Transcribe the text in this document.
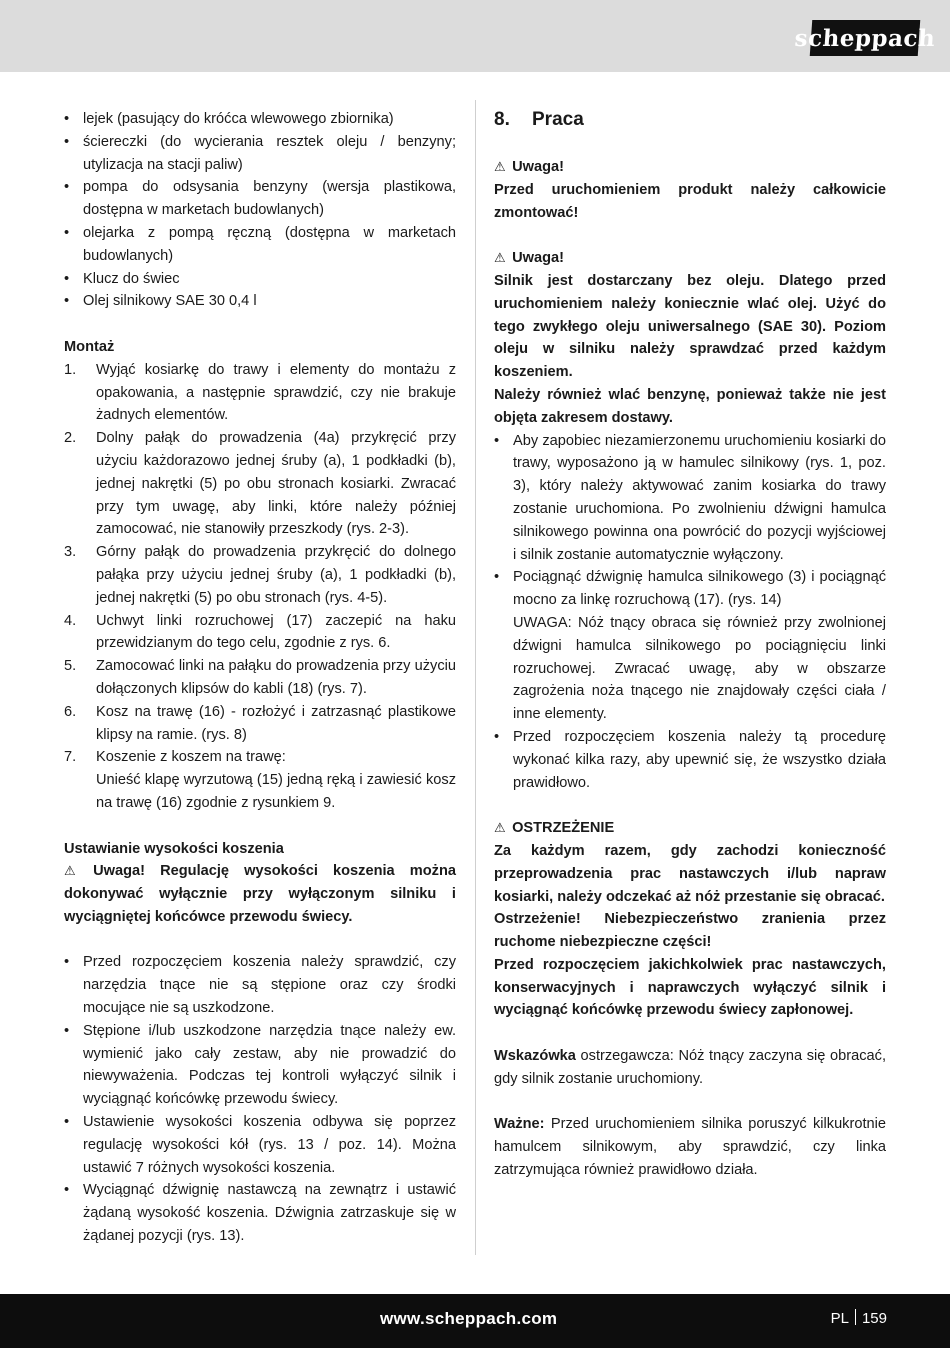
scheppach
• lejek (pasujący do króćca wlewowego zbiornika)
• ściereczki (do wycierania resztek oleju / benzyny; utylizacja na stacji paliw)
• pompa do odsysania benzyny (wersja plastikowa, dostępna w marketach budowlanych)
• olejarka z pompą ręczną (dostępna w marketach budowlanych)
• Klucz do świec
• Olej silnikowy SAE 30 0,4 l

Montaż

1. Wyjąć kosiarkę do trawy i elementy do montażu z opakowania, a następnie sprawdzić, czy nie brakuje żadnych elementów.
2. Dolny pałąk do prowadzenia (4a) przykręcić przy użyciu każdorazowo jednej śruby (a), 1 podkładki (b), jednej nakrętki (5) po obu stronach kosiarki. Zwracać przy tym uwagę, aby linki, które należy później zamocować, nie stanowiły przeszkody (rys. 2-3).
3. Górny pałąk do prowadzenia przykręcić do dolnego pałąka przy użyciu jednej śruby (a), 1 podkładki (b), jednej nakrętki (5) po obu stronach (rys. 4-5).
4. Uchwyt linki rozruchowej (17) zaczepić na haku przewidzianym do tego celu, zgodnie z rys. 6.
5. Zamocować linki na pałąku do prowadzenia przy użyciu dołączonych klipsów do kabli (18) (rys. 7).
6. Kosz na trawę (16) - rozłożyć i zatrzasnąć plastikowe klipsy na ramie. (rys. 8)
7. Koszenie z koszem na trawę:
Unieść klapę wyrzutową (15) jedną ręką i zawiesić kosz na trawę (16) zgodnie z rysunkiem 9.

Ustawianie wysokości koszenia

⚠ Uwaga! Regulację wysokości koszenia można dokonywać wyłącznie przy wyłączonym silniku i wyciągniętej końcówce przewodu świecy.

• Przed rozpoczęciem koszenia należy sprawdzić, czy narzędzia tnące nie są stępione oraz czy środki mocujące nie są uszkodzone.
• Stępione i/lub uszkodzone narzędzia tnące należy ew. wymienić jako cały zestaw, aby nie prowadzić do niewyważenia. Podczas tej kontroli wyłączyć silnik i wyciągnąć końcówkę przewodu świecy.
• Ustawienie wysokości koszenia odbywa się poprzez regulację wysokości kół (rys. 13 / poz. 14). Można ustawić 7 różnych wysokości koszenia.
• Wyciągnąć dźwignię nastawczą na zewnątrz i ustawić żądaną wysokość koszenia. Dźwignia zatrzaskuje się w żądanej pozycji (rys. 13).
8. Praca

⚠ Uwaga!

Przed uruchomieniem produkt należy całkowicie zmontować!

⚠ Uwaga!

Silnik jest dostarczany bez oleju. Dlatego przed uruchomieniem należy koniecznie wlać olej. Użyć do tego zwykłego oleju uniwersalnego (SAE 30). Poziom oleju w silniku należy sprawdzać przed każdym koszeniem.

Należy również wlać benzynę, ponieważ także nie jest objęta zakresem dostawy.

• Aby zapobiec niezamierzonemu uruchomieniu kosiarki do trawy, wyposażono ją w hamulec silnikowy (rys. 1, poz. 3), który należy aktywować zanim kosiarka do trawy zostanie uruchomiona. Po zwolnieniu dźwigni hamulca silnikowego powinna ona powrócić do pozycji wyjściowej i silnik zostanie automatycznie wyłączony.
• Pociągnąć dźwignię hamulca silnikowego (3) i pociągnąć mocno za linkę rozruchową (17). (rys. 14)
UWAGA: Nóż tnący obraca się również przy zwolnionej dźwigni hamulca silnikowego po pociągnięciu linki rozruchowej. Zwracać uwagę, aby w obszarze zagrożenia noża tnącego nie znajdowały części ciała / inne elementy.
• Przed rozpoczęciem koszenia należy tą procedurę wykonać kilka razy, aby upewnić się, że wszystko działa prawidłowo.

⚠ OSTRZEŻENIE

Za każdym razem, gdy zachodzi konieczność przeprowadzenia prac nastawczych i/lub napraw kosiarki, należy odczekać aż nóż przestanie się obracać.

Ostrzeżenie! Niebezpieczeństwo zranienia przez ruchome niebezpieczne części!

Przed rozpoczęciem jakichkolwiek prac nastawczych, konserwacyjnych i naprawczych wyłączyć silnik i wyciągnąć końcówkę przewodu świecy zapłonowej.

Wskazówka ostrzegawcza: Nóż tnący zaczyna się obracać, gdy silnik zostanie uruchomiony.

Ważne: Przed uruchomieniem silnika poruszyć kilkukrotnie hamulcem silnikowym, aby sprawdzić, czy linka zatrzymująca również prawidłowo działa.

www.scheppach.com	PL 159
